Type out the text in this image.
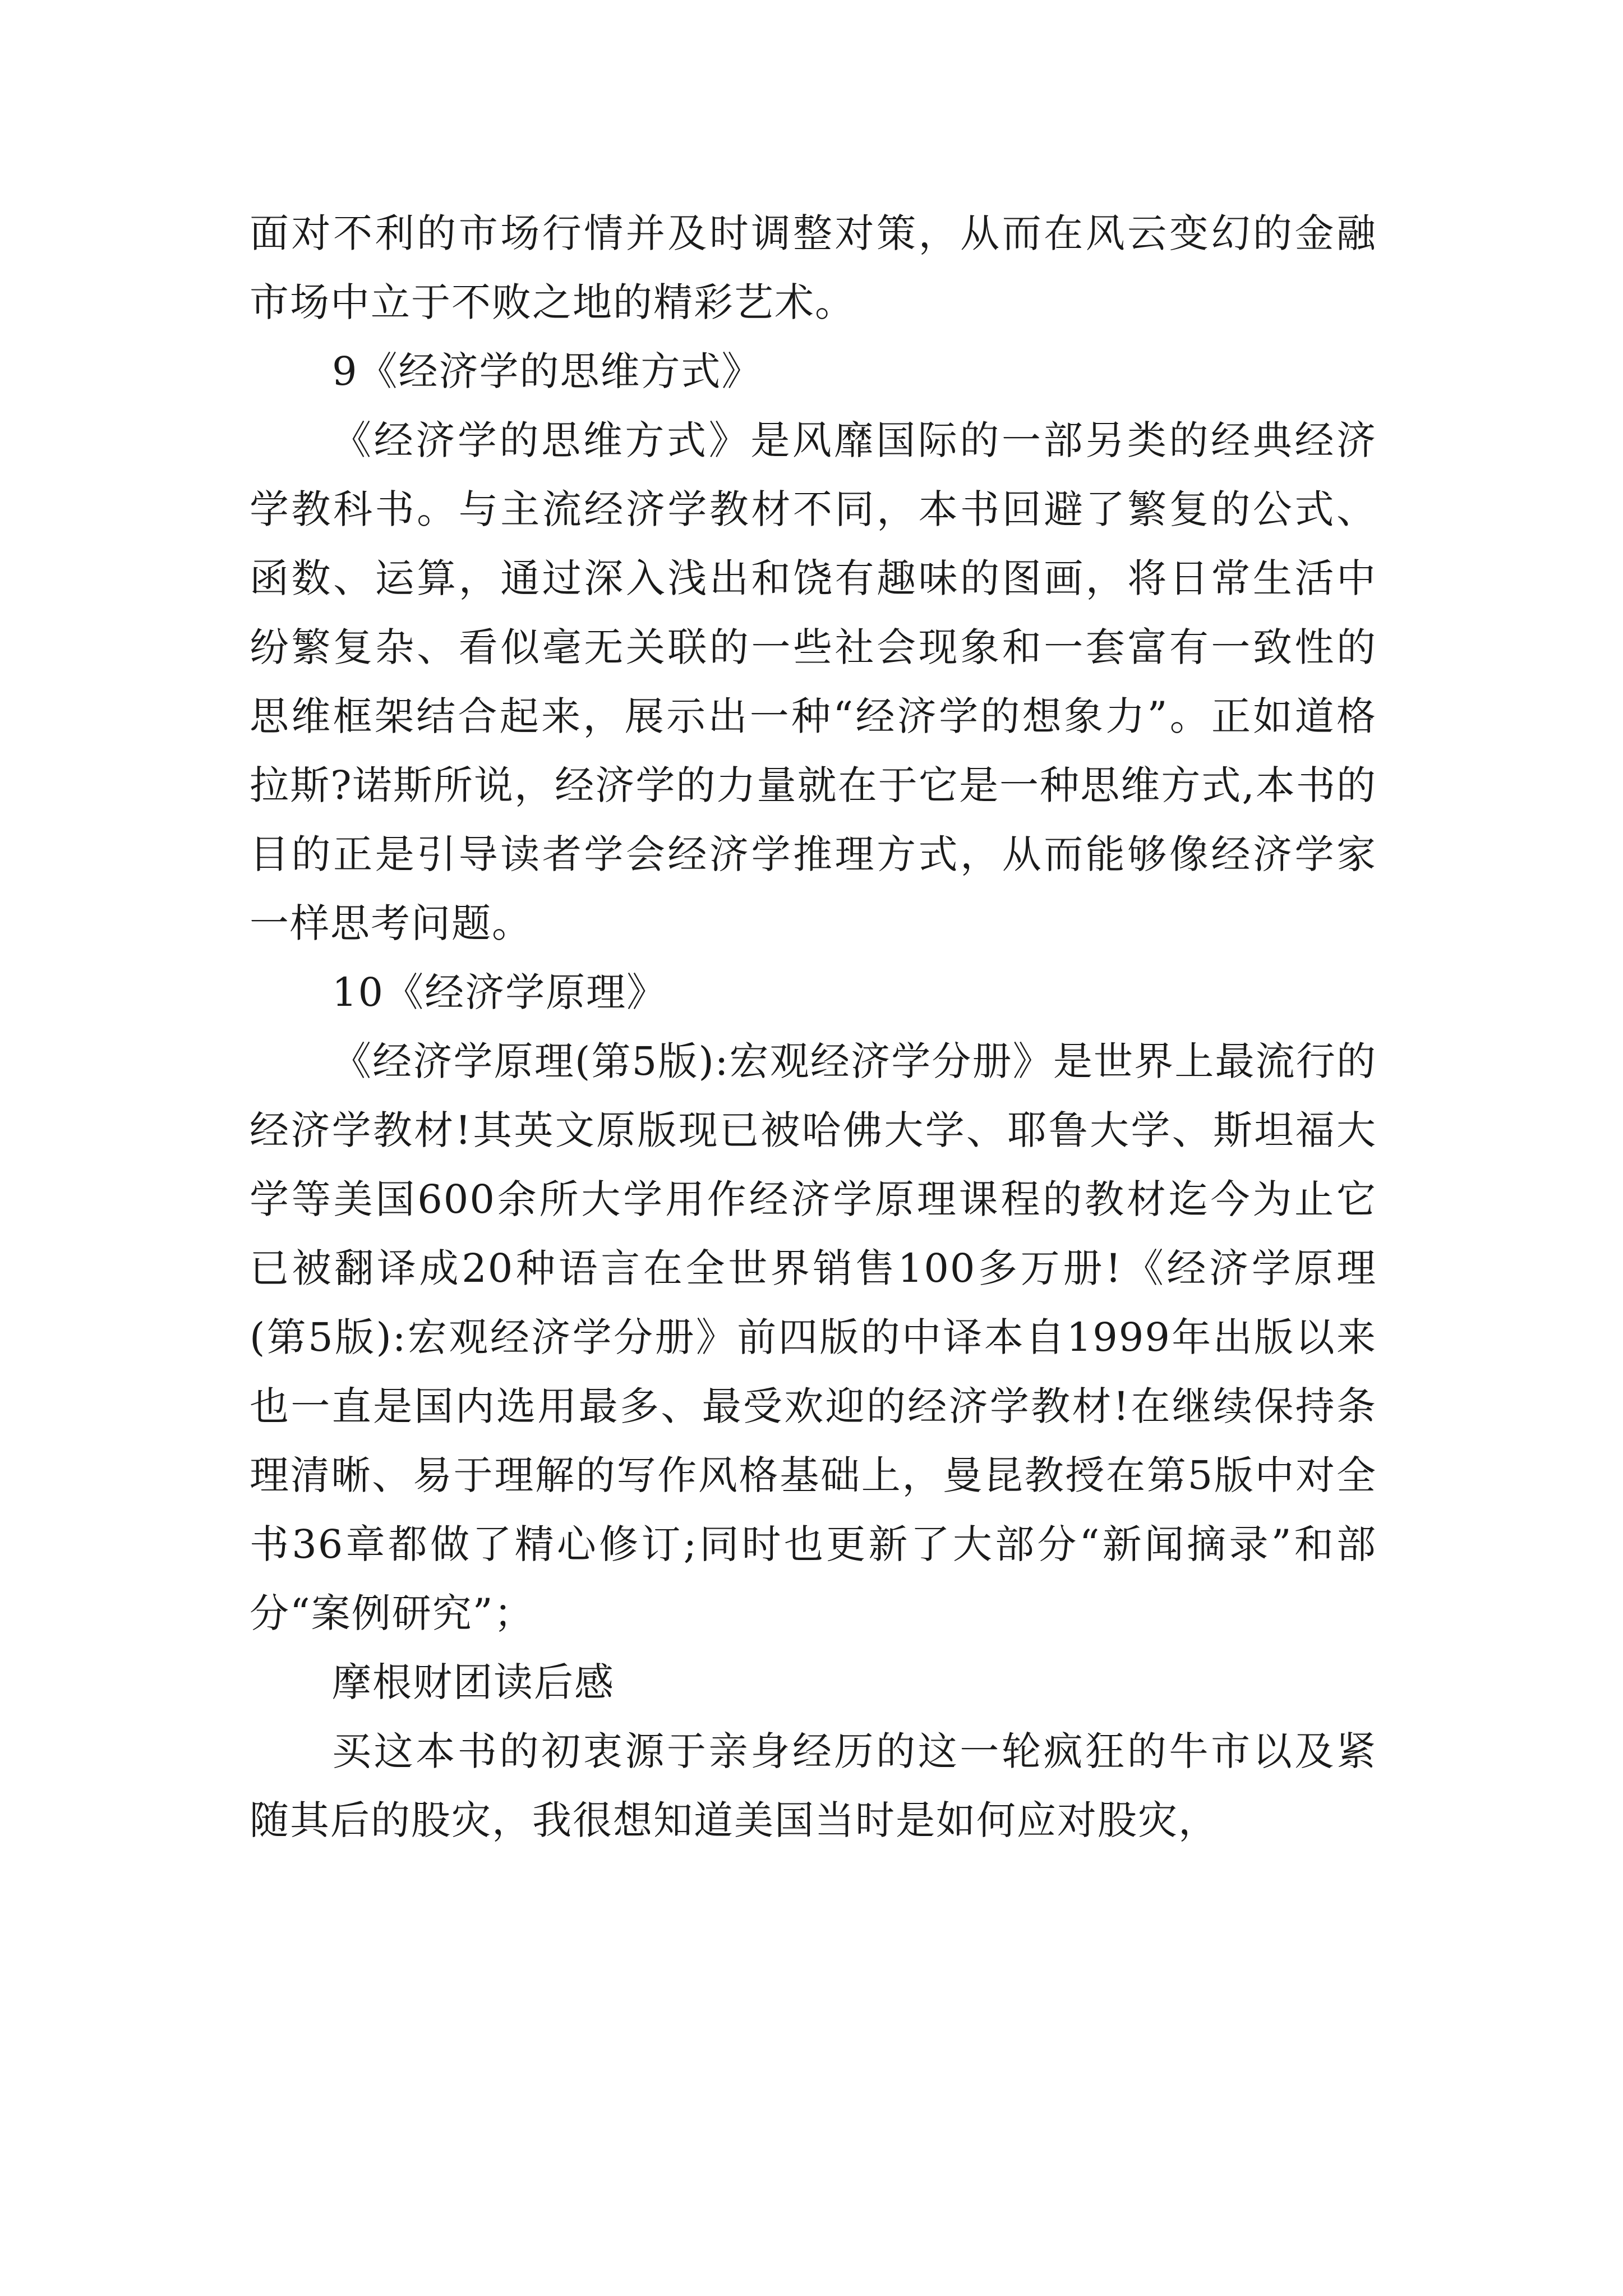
面对不利的市场行情并及时调整对策，从而在风云变幻的金融市场中立于不败之地的精彩艺术。

9《经济学的思维方式》

《经济学的思维方式》是风靡国际的一部另类的经典经济学教科书。与主流经济学教材不同，本书回避了繁复的公式、函数、运算，通过深入浅出和饶有趣味的图画，将日常生活中纷繁复杂、看似毫无关联的一些社会现象和一套富有一致性的思维框架结合起来，展示出一种“经济学的想象力”。正如道格拉斯?诺斯所说，经济学的力量就在于它是一种思维方式,本书的目的正是引导读者学会经济学推理方式，从而能够像经济学家一样思考问题。

10《经济学原理》

《经济学原理(第5版):宏观经济学分册》是世界上最流行的经济学教材!其英文原版现已被哈佛大学、耶鲁大学、斯坦福大学等美国600余所大学用作经济学原理课程的教材迄今为止它已被翻译成20种语言在全世界销售100多万册!《经济学原理(第5版):宏观经济学分册》前四版的中译本自1999年出版以来也一直是国内选用最多、最受欢迎的经济学教材!在继续保持条理清晰、易于理解的写作风格基础上，曼昆教授在第5版中对全书36章都做了精心修订;同时也更新了大部分“新闻摘录”和部分“案例研究”；

摩根财团读后感

买这本书的初衷源于亲身经历的这一轮疯狂的牛市以及紧随其后的股灾，我很想知道美国当时是如何应对股灾，
